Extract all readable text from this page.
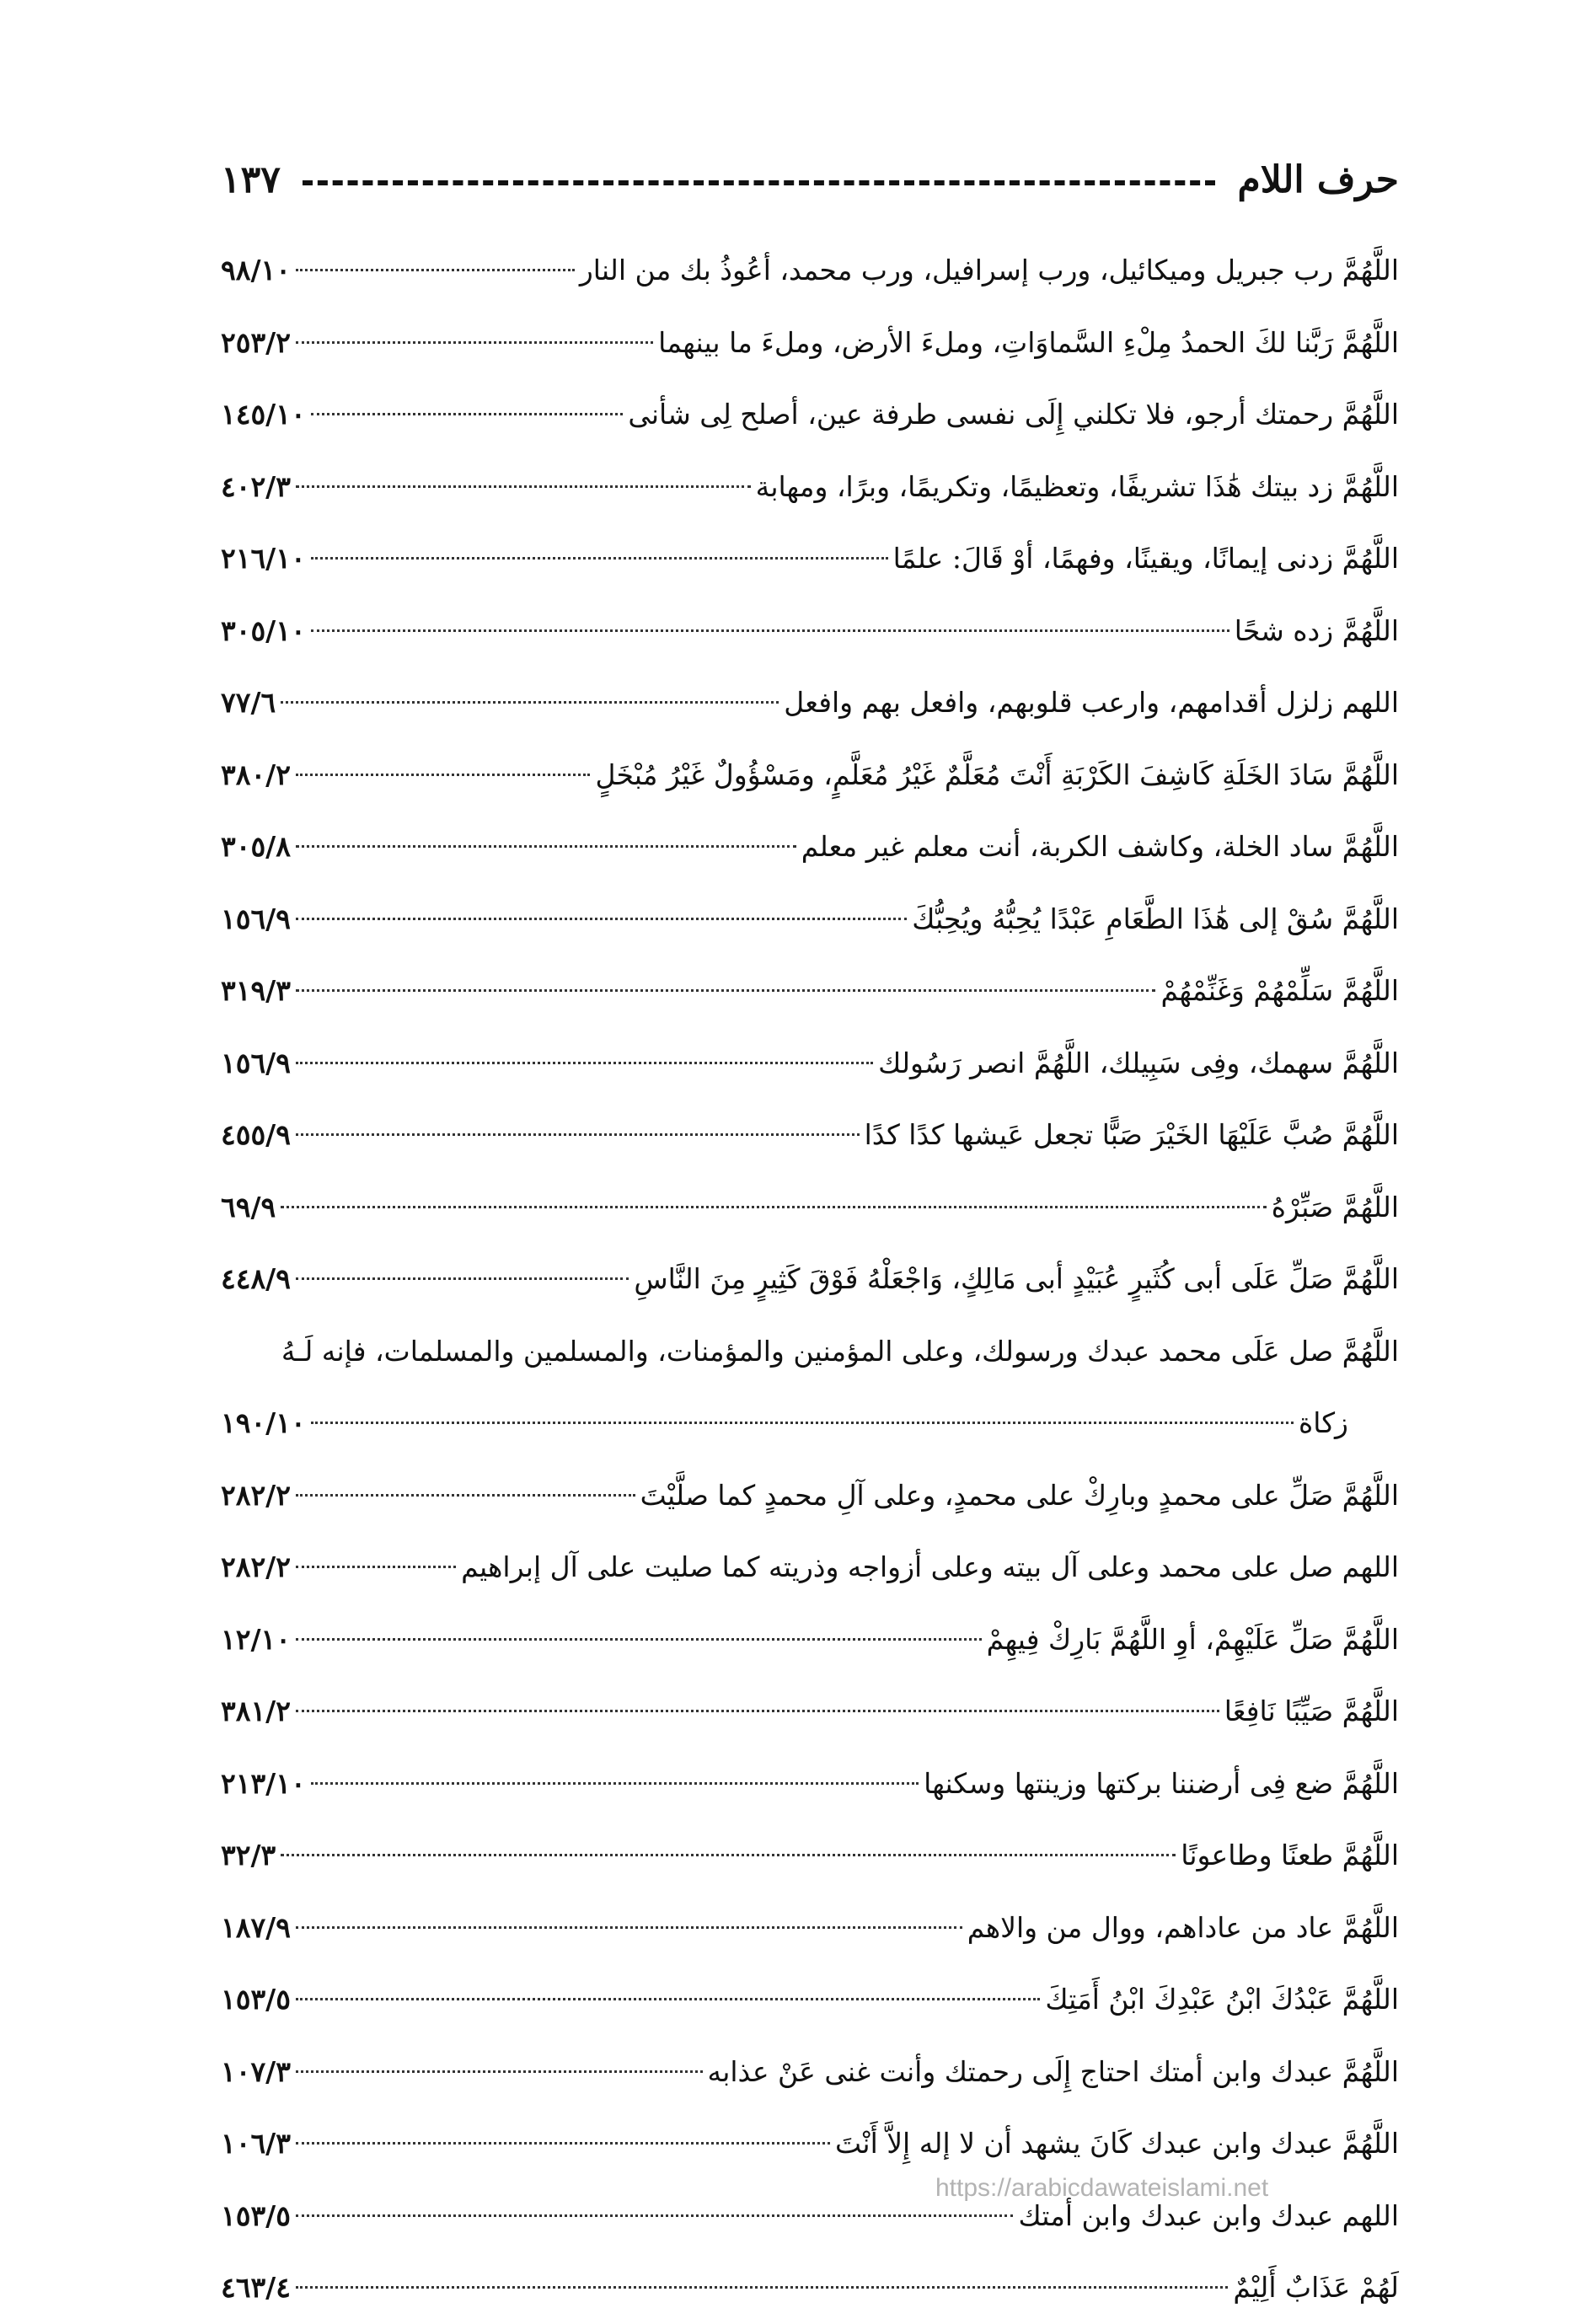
حرف اللام
١٣٧
اللَّهُمَّ رب جبريل وميكائيل، ورب إسرافيل، ورب محمد، أعُوذُ بك من النار
٩٨/١٠
اللَّهُمَّ رَبَّنا لكَ الحمدُ مِلْءِ السَّماوَاتِ، وملءَ الأرض، وملءَ ما بينهما
٢٥٣/٢
اللَّهُمَّ رحمتك أرجو، فلا تكلني إِلَى نفسى طرفة عين، أصلح لِى شأنى
١٤٥/١٠
اللَّهُمَّ زد بيتك هَٰذَا تشريفًا، وتعظيمًا، وتكريمًا، وبرًا، ومهابة
٤٠٢/٣
اللَّهُمَّ زدنى إيمانًا، ويقينًا، وفهمًا، أوْ قَالَ: علمًا
٢١٦/١٠
اللَّهُمَّ زده شحًا
٣٠٥/١٠
اللهم زلزل أقدامهم، وارعب قلوبهم، وافعل بهم وافعل
٧٧/٦
اللَّهُمَّ سَادَ الخَلَةِ كَاشِفَ الكَرْبَةِ أَنْتَ مُعَلَّمٌ غَيْرُ مُعَلَّمٍ، ومَسْؤُولٌ غَيْرُ مُبْخَلٍ
٣٨٠/٢
اللَّهُمَّ ساد الخلة، وكاشف الكربة، أنت معلم غير معلم
٣٠٥/٨
اللَّهُمَّ سُقْ إلى هَٰذَا الطَّعَامِ عَبْدًا يُحِبُّهُ ويُحِبُّكَ
١٥٦/٩
اللَّهُمَّ سَلِّمْهُمْ وَغَنِّمْهُمْ
٣١٩/٣
اللَّهُمَّ سهمك، وفِى سَبِيلك، اللَّهُمَّ انصر رَسُولك
١٥٦/٩
اللَّهُمَّ صُبَّ عَلَيْهَا الخَيْرَ صَبًّا تجعل عَيشها كدًا كدًا
٤٥٥/٩
اللَّهُمَّ صَبِّرْهُ
٦٩/٩
اللَّهُمَّ صَلِّ عَلَى أبى كُثَيرٍ عُبَيْدٍ أبى مَالِكٍ، وَاجْعَلْهُ فَوْقَ كَثِيرٍ مِنَ النَّاسِ
٤٤٨/٩
اللَّهُمَّ صل عَلَى محمد عبدك ورسولك، وعلى المؤمنين والمؤمنات، والمسلمين والمسلمات، فإنه لَـهُ
زكاة
١٩٠/١٠
اللَّهُمَّ صَلِّ على محمدٍ وبارِكْ على محمدٍ، وعلى آلِ محمدٍ كما صلَّيْتَ
٢٨٢/٢
اللهم صل على محمد وعلى آل بيته وعلى أزواجه وذريته كما صليت على آل إبراهيم
٢٨٢/٢
اللَّهُمَّ صَلِّ عَلَيْهِمْ، أوِ اللَّهُمَّ بَارِكْ فِيهِمْ
١٢/١٠
اللَّهُمَّ صَيِّبًا نَافِعًا
٣٨١/٢
اللَّهُمَّ ضع فِى أرضننا بركتها وزينتها وسكنها
٢١٣/١٠
اللَّهُمَّ طعنًا وطاعونًا
٣٢/٣
اللَّهُمَّ عاد من عاداهم، ووال من والاهم
١٨٧/٩
اللَّهُمَّ عَبْدُكَ ابْنُ عَبْدِكَ ابْنُ أَمَتِكَ
١٥٣/٥
اللَّهُمَّ عبدك وابن أمتك احتاج إِلَى رحمتك وأنت غنى عَنْ عذابه
١٠٧/٣
اللَّهُمَّ عبدك وابن عبدك كَانَ يشهد أن لا إله إِلاَّ أَنْتَ
١٠٦/٣
اللهم عبدك وابن عبدك وابن أمتك
١٥٣/٥
لَهُمْ عَذَابٌ أَلِيْمٌ
٤٦٣/٤
https://arabicdawateislami.net
